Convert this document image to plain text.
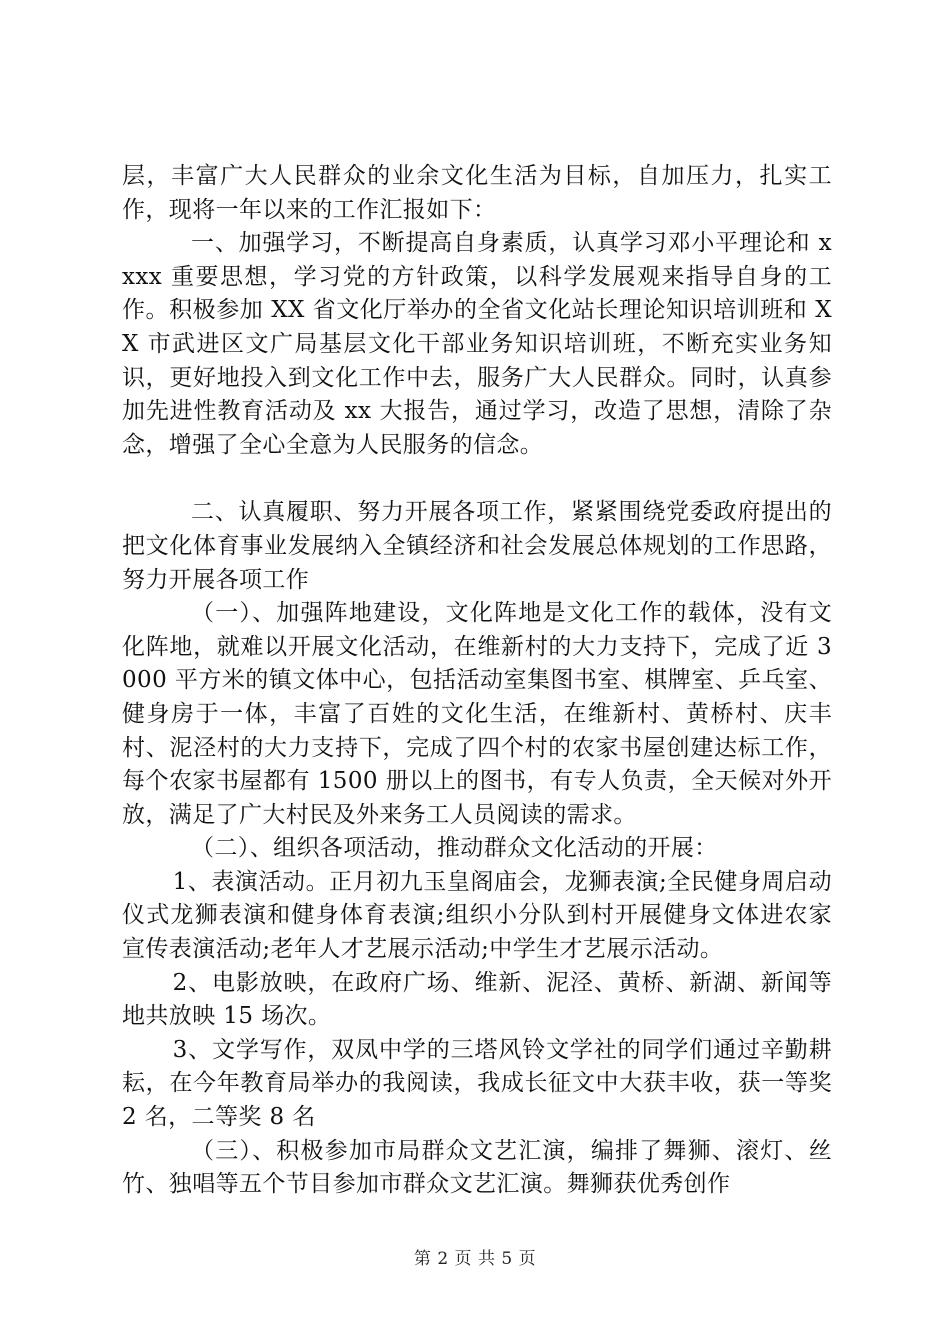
层，丰富广大人民群众的业余文化生活为目标，自加压力，扎实工作，现将一年以来的工作汇报如下：

一、加强学习，不断提高自身素质，认真学习邓小平理论和 xxxx 重要思想，学习党的方针政策，以科学发展观来指导自身的工作。积极参加 XX 省文化厅举办的全省文化站长理论知识培训班和 XX 市武进区文广局基层文化干部业务知识培训班，不断充实业务知识，更好地投入到文化工作中去，服务广大人民群众。同时，认真参加先进性教育活动及 xx 大报告，通过学习，改造了思想，清除了杂念，增强了全心全意为人民服务的信念。

二、认真履职、努力开展各项工作，紧紧围绕党委政府提出的把文化体育事业发展纳入全镇经济和社会发展总体规划的工作思路，努力开展各项工作

（一）、加强阵地建设，文化阵地是文化工作的载体，没有文化阵地，就难以开展文化活动，在维新村的大力支持下，完成了近 3000 平方米的镇文体中心，包括活动室集图书室、棋牌室、乒乓室、健身房于一体，丰富了百姓的文化生活，在维新村、黄桥村、庆丰村、泥泾村的大力支持下，完成了四个村的农家书屋创建达标工作，每个农家书屋都有 1500 册以上的图书，有专人负责，全天候对外开放，满足了广大村民及外来务工人员阅读的需求。

（二）、组织各项活动，推动群众文化活动的开展：

1、表演活动。正月初九玉皇阁庙会，龙狮表演;全民健身周启动仪式龙狮表演和健身体育表演;组织小分队到村开展健身文体进农家宣传表演活动;老年人才艺展示活动;中学生才艺展示活动。

2、电影放映，在政府广场、维新、泥泾、黄桥、新湖、新闻等地共放映 15 场次。

3、文学写作，双凤中学的三塔风铃文学社的同学们通过辛勤耕耘，在今年教育局举办的我阅读，我成长征文中大获丰收，获一等奖 2 名，二等奖 8 名

（三）、积极参加市局群众文艺汇演，编排了舞狮、滚灯、丝竹、独唱等五个节目参加市群众文艺汇演。舞狮获优秀创作

第 2 页 共 5 页
